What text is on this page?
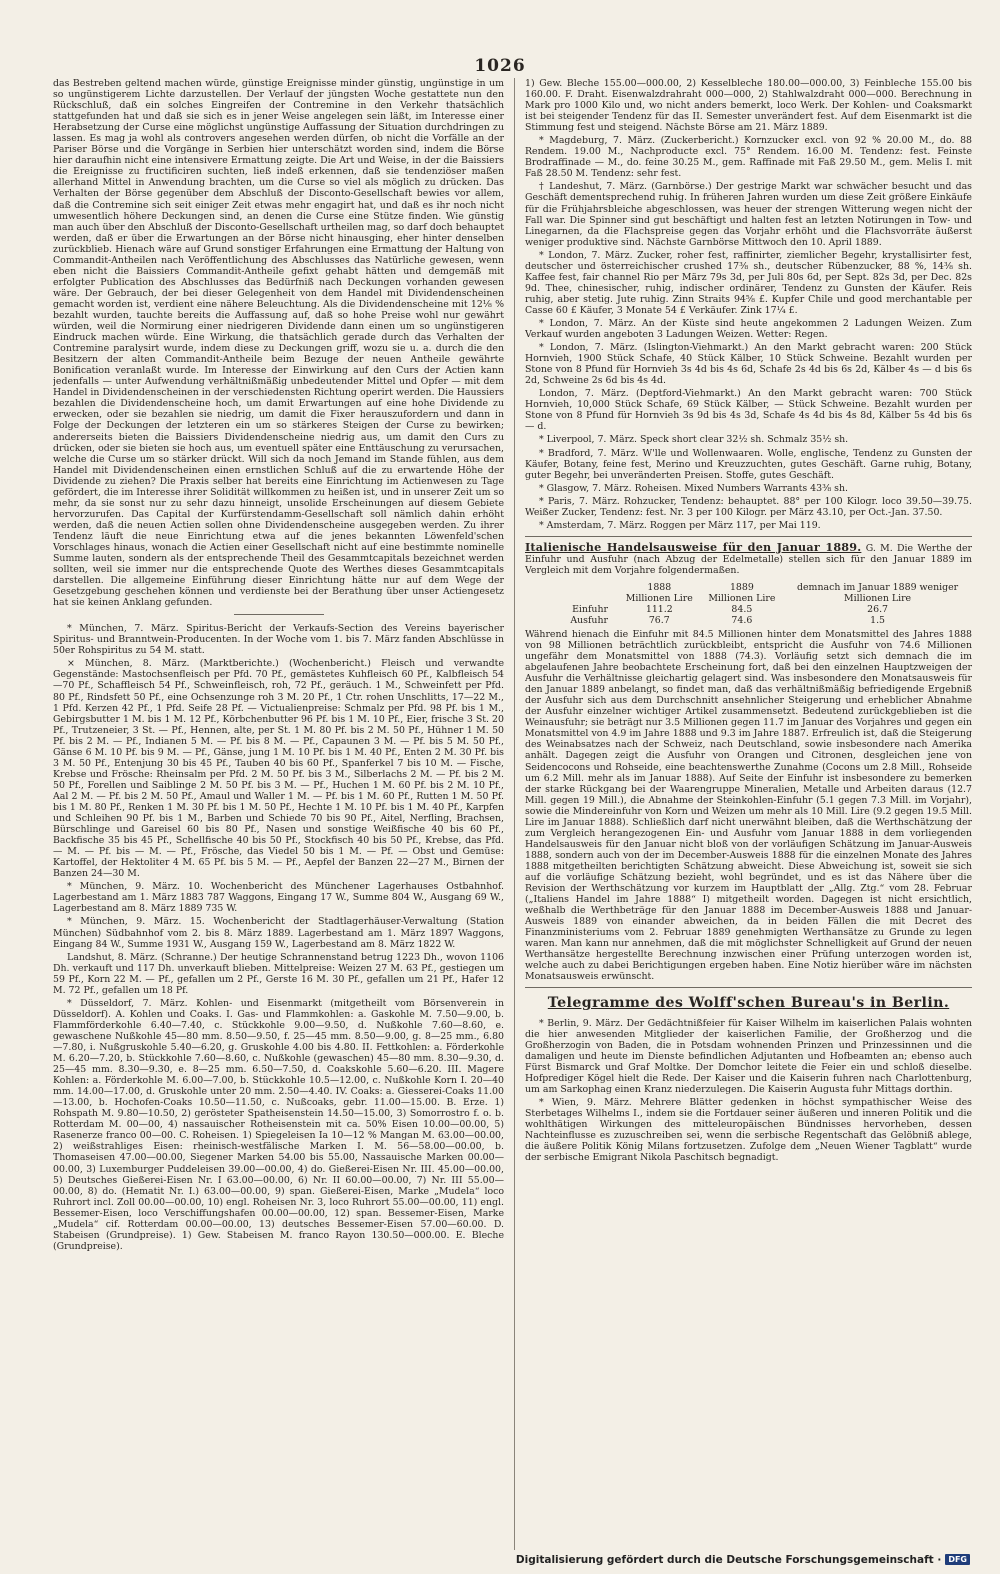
1026

das Bestreben geltend machen würde, günstige Ereignisse minder günstig, ungünstige in um so ungünstigerem Lichte darzustellen. Der Verlauf der jüngsten Woche gestattete nun den Rückschluß, daß ein solches Eingreifen der Contremine in den Verkehr thatsächlich stattgefunden hat und daß sie sich es in jener Weise angelegen sein läßt, im Interesse einer Herabsetzung der Curse eine möglichst ungünstige Auffassung der Situation durchdringen zu lassen. Es mag ja wohl als controvers angesehen werden dürfen, ob nicht die Vorfälle an der Pariser Börse und die Vorgänge in Serbien hier unterschätzt worden sind, indem die Börse hier daraufhin nicht eine intensivere Ermattung zeigte. Die Art und Weise, in der die Baissiers die Ereignisse zu fructificiren suchten, ließ indeß erkennen, daß sie tendenziöser maßen allerhand Mittel in Anwendung brachten, um die Curse so viel als möglich zu drücken. Das Verhalten der Börse gegenüber dem Abschluß der Disconto-Gesellschaft bewies vor allem, daß die Contremine sich seit einiger Zeit etwas mehr engagirt hat, und daß es ihr noch nicht umwesentlich höhere Deckungen sind, an denen die Curse eine Stütze finden. Wie günstig man auch über den Abschluß der Disconto-Gesellschaft urtheilen mag, so darf doch behauptet werden, daß er über die Erwartungen an der Börse nicht hinausging, eher hinter denselben zurückblieb. Hienach wäre auf Grund sonstiger Erfahrungen eine Ermattung der Haltung von Commandit-Antheilen nach Veröffentlichung des Abschlusses das Natürliche gewesen, wenn eben nicht die Baissiers Commandit-Antheile gefixt gehabt hätten und demgemäß mit erfolgter Publication des Abschlusses das Bedürfniß nach Deckungen vorhanden gewesen wäre. Der Gebrauch, der bei dieser Gelegenheit von dem Handel mit Dividendenscheinen gemacht worden ist, verdient eine nähere Beleuchtung. Als die Dividendenscheine mit 12⅛ % bezahlt wurden, tauchte bereits die Auffassung auf, daß so hohe Preise wohl nur gewährt würden, weil die Normirung einer niedrigeren Dividende dann einen um so ungünstigeren Eindruck machen würde. Eine Wirkung, die thatsächlich gerade durch das Verhalten der Contremine paralysirt wurde, indem diese zu Deckungen griff, wozu sie u. a. durch die den Besitzern der alten Commandit-Antheile beim Bezuge der neuen Antheile gewährte Bonification veranlaßt wurde. Im Interesse der Einwirkung auf den Curs der Actien kann jedenfalls — unter Aufwendung verhältnißmäßig unbedeutender Mittel und Opfer — mit dem Handel in Dividendenscheinen in der verschiedensten Richtung operirt werden. Die Haussiers bezahlen die Dividendenscheine hoch, um damit Erwartungen auf eine hohe Dividende zu erwecken, oder sie bezahlen sie niedrig, um damit die Fixer herauszufordern und dann in Folge der Deckungen der letzteren ein um so stärkeres Steigen der Curse zu bewirken; andererseits bieten die Baissiers Dividendenscheine niedrig aus, um damit den Curs zu drücken, oder sie bieten sie hoch aus, um eventuell später eine Enttäuschung zu verursachen, welche die Curse um so stärker drückt. Will sich da noch Jemand im Stande fühlen, aus dem Handel mit Dividendenscheinen einen ernstlichen Schluß auf die zu erwartende Höhe der Dividende zu ziehen? Die Praxis selber hat bereits eine Einrichtung im Actienwesen zu Tage gefördert, die im Interesse ihrer Solidität willkommen zu heißen ist, und in unserer Zeit um so mehr, da sie sonst nur zu sehr dazu hinneigt, unsolide Erscheinungen auf diesem Gebiete hervorzurufen. Das Capital der Kurfürstendamm-Gesellschaft soll nämlich dahin erhöht werden, daß die neuen Actien sollen ohne Dividendenscheine ausgegeben werden. Zu ihrer Tendenz läuft die neue Einrichtung etwa auf die jenes bekannten Löwenfeld'schen Vorschlages hinaus, wonach die Actien einer Gesellschaft nicht auf eine bestimmte nominelle Summe lauten, sondern als der entsprechende Theil des Gesammtcapitals bezeichnet werden sollten, weil sie immer nur die entsprechende Quote des Werthes dieses Gesammtcapitals darstellen. Die allgemeine Einführung dieser Einrichtung hätte nur auf dem Wege der Gesetzgebung geschehen können und verdienste bei der Berathung über unser Actiengesetz hat sie keinen Anklang gefunden.

* München, 7. März. Spiritus-Bericht der Verkaufs-Section des Vereins bayerischer Spiritus- und Branntwein-Producenten. In der Woche vom 1. bis 7. März fanden Abschlüsse in 50er Rohspiritus zu 54 M. statt.

× München, 8. März. (Marktberichte.) (Wochenbericht.) Fleisch und verwandte Gegenstände: Mastochsenfleisch per Pfd. 70 Pf., gemästetes Kuhfleisch 60 Pf., Kalbfleisch 54—70 Pf., Schaffleisch 54 Pf., Schweinfleisch, roh, 72 Pf., geräuch. 1 M., Schweinfett per Pfd. 80 Pf., Rindsfett 50 Pf., eine Ochsenzunge roh 3 M. 20 Pf., 1 Ctr. rohen Unschlitts, 17—22 M., 1 Pfd. Kerzen 42 Pf., 1 Pfd. Seife 28 Pf. — Victualienpreise: Schmalz per Pfd. 98 Pf. bis 1 M., Gebirgsbutter 1 M. bis 1 M. 12 Pf., Körbchenbutter 96 Pf. bis 1 M. 10 Pf., Eier, frische 3 St. 20 Pf., Trutzeneier, 3 St. — Pf., Hennen, alte, per St. 1 M. 80 Pf. bis 2 M. 50 Pf., Hühner 1 M. 50 Pf. bis 2 M. — Pf., Indianen 5 M. — Pf. bis 8 M. — Pf., Capaunen 3 M. — Pf. bis 5 M. 50 Pf., Gänse 6 M. 10 Pf. bis 9 M. — Pf., Gänse, jung 1 M. 10 Pf. bis 1 M. 40 Pf., Enten 2 M. 30 Pf. bis 3 M. 50 Pf., Entenjung 30 bis 45 Pf., Tauben 40 bis 60 Pf., Spanferkel 7 bis 10 M. — Fische, Krebse und Frösche: Rheinsalm per Pfd. 2 M. 50 Pf. bis 3 M., Silberlachs 2 M. — Pf. bis 2 M. 50 Pf., Forellen und Saiblinge 2 M. 50 Pf. bis 3 M. — Pf., Huchen 1 M. 60 Pf. bis 2 M. 10 Pf., Aal 2 M. — Pf. bis 2 M. 50 Pf., Amaul und Waller 1 M. — Pf. bis 1 M. 60 Pf., Rutten 1 M. 50 Pf. bis 1 M. 80 Pf., Renken 1 M. 30 Pf. bis 1 M. 50 Pf., Hechte 1 M. 10 Pf. bis 1 M. 40 Pf., Karpfen und Schleihen 90 Pf. bis 1 M., Barben und Schiede 70 bis 90 Pf., Aitel, Nerfling, Brachsen, Bürschlinge und Gareisel 60 bis 80 Pf., Nasen und sonstige Weißfische 40 bis 60 Pf., Backfische 35 bis 45 Pf., Schellfische 40 bis 50 Pf., Stockfisch 40 bis 50 Pf., Krebse, das Pfd. — M. — Pf. bis — M. — Pf., Frösche, das Viedel 50 bis 1 M. — Pf. — Obst und Gemüse: Kartoffel, der Hektoliter 4 M. 65 Pf. bis 5 M. — Pf., Aepfel der Banzen 22—27 M., Birnen der Banzen 24—30 M.

* München, 9. März. 10. Wochenbericht des Münchener Lagerhauses Ostbahnhof. Lagerbestand am 1. März 1883 787 Waggons, Eingang 17 W., Summe 804 W., Ausgang 69 W., Lagerbestand am 8. März 1889 735 W.

* München, 9. März. 15. Wochenbericht der Stadtlagerhäuser-Verwaltung (Station München) Südbahnhof vom 2. bis 8. März 1889. Lagerbestand am 1. März 1897 Waggons, Eingang 84 W., Summe 1931 W., Ausgang 159 W., Lagerbestand am 8. März 1822 W.

Landshut, 8. März. (Schranne.) Der heutige Schrannenstand betrug 1223 Dh., wovon 1106 Dh. verkauft und 117 Dh. unverkauft blieben. Mittelpreise: Weizen 27 M. 63 Pf., gestiegen um 59 Pf., Korn 22 M. — Pf., gefallen um 2 Pf., Gerste 16 M. 30 Pf., gefallen um 21 Pf., Hafer 12 M. 72 Pf., gefallen um 18 Pf.

* Düsseldorf, 7. März. Kohlen- und Eisenmarkt (mitgetheilt vom Börsenverein in Düsseldorf). A. Kohlen und Coaks. I. Gas- und Flammkohlen: a. Gaskohle M. 7.50—9.00, b. Flammförderkohle 6.40—7.40, c. Stückkohle 9.00—9.50, d. Nußkohle 7.60—8.60, e. gewaschene Nußkohle 45—80 mm. 8.50—9.50, f. 25—45 mm. 8.50—9.00, g. 8—25 mm., 6.80—7.80, i. Nußgruskohle 5.40—6.20, g. Gruskohle 4.00 bis 4.80. II. Fettkohlen: a. Förderkohle M. 6.20—7.20, b. Stückkohle 7.60—8.60, c. Nußkohle (gewaschen) 45—80 mm. 8.30—9.30, d. 25—45 mm. 8.30—9.30, e. 8—25 mm. 6.50—7.50, d. Coakskohle 5.60—6.20. III. Magere Kohlen: a. Förderkohle M. 6.00—7.00, b. Stückkohle 10.5—12.00, c. Nußkohle Korn I. 20—40 mm. 14.00—17.00, d. Gruskohle unter 20 mm. 2.50—4.40. IV. Coaks: a. Giesserei-Coaks 11.00—13.00, b. Hochofen-Coaks 10.50—11.50, c. Nußcoaks, gebr. 11.00—15.00. B. Erze. 1) Rohspath M. 9.80—10.50, 2) gerösteter Spatheisenstein 14.50—15.00, 3) Somorrostro f. o. b. Rotterdam M. 00—00, 4) nassauischer Rotheisenstein mit ca. 50% Eisen 10.00—00.00, 5) Rasenerze franco 00—00. C. Roheisen. 1) Spiegeleisen Ia 10—12 % Mangan M. 63.00—00.00, 2) weißstrahliges Eisen: rheinisch-westfälische Marken I. M. 56—58.00—00.00, b. Thomaseisen 47.00—00.00, Siegener Marken 54.00 bis 55.00, Nassauische Marken 00.00—00.00, 3) Luxemburger Puddeleisen 39.00—00.00, 4) do. Gießerei-Eisen Nr. III. 45.00—00.00, 5) Deutsches Gießerei-Eisen Nr. I 63.00—00.00, 6) Nr. II 60.00—00.00, 7) Nr. III 55.00—00.00, 8) do. (Hematit Nr. I.) 63.00—00.00, 9) span. Gießerei-Eisen, Marke „Mudela“ loco Ruhrort incl. Zoll 00.00—00.00, 10) engl. Roheisen Nr. 3, loco Ruhrort 55.00—00.00, 11) engl. Bessemer-Eisen, loco Verschiffungshafen 00.00—00.00, 12) span. Bessemer-Eisen, Marke „Mudela“ cif. Rotterdam 00.00—00.00, 13) deutsches Bessemer-Eisen 57.00—60.00. D. Stabeisen (Grundpreise). 1) Gew. Stabeisen M. franco Rayon 130.50—000.00. E. Bleche (Grundpreise).

1) Gew. Bleche 155.00—000.00, 2) Kesselbleche 180.00—000.00, 3) Feinbleche 155.00 bis 160.00. F. Draht. Eisenwalzdrahraht 000—000, 2) Stahlwalzdraht 000—000. Berechnung in Mark pro 1000 Kilo und, wo nicht anders bemerkt, loco Werk. Der Kohlen- und Coaksmarkt ist bei steigender Tendenz für das II. Semester unverändert fest. Auf dem Eisenmarkt ist die Stimmung fest und steigend. Nächste Börse am 21. März 1889.

* Magdeburg, 7. März. (Zuckerbericht.) Kornzucker excl. von 92 % 20.00 M., do. 88 Rendem. 19.00 M., Nachproducte excl. 75° Rendem. 16.00 M. Tendenz: fest. Feinste Brodraffinade — M., do. feine 30.25 M., gem. Raffinade mit Faß 29.50 M., gem. Melis I. mit Faß 28.50 M. Tendenz: sehr fest.

† Landeshut, 7. März. (Garnbörse.) Der gestrige Markt war schwächer besucht und das Geschäft dementsprechend ruhig. In früheren Jahren wurden um diese Zeit größere Einkäufe für die Frühjahrsbleiche abgeschlossen, was heuer der strengen Witterung wegen nicht der Fall war. Die Spinner sind gut beschäftigt und halten fest an letzten Notirungen in Tow- und Linegarnen, da die Flachspreise gegen das Vorjahr erhöht und die Flachsvorräte äußerst weniger produktive sind. Nächste Garnbörse Mittwoch den 10. April 1889.

* London, 7. März. Zucker, roher fest, raffinirter, ziemlicher Begehr, krystallisirter fest, deutscher und österreichischer crushed 17⅜ sh., deutscher Rübenzucker, 88 %, 14⅜ sh. Kaffee fest, fair channel Rio per März 79s 3d, per Juli 80s 6d, per Sept. 82s 3d, per Dec. 82s 9d. Thee, chinesischer, ruhig, indischer ordinärer, Tendenz zu Gunsten der Käufer. Reis ruhig, aber stetig. Jute ruhig. Zinn Straits 94⅝ £. Kupfer Chile und good merchantable per Casse 60 £ Käufer, 3 Monate 54 £ Verkäufer. Zink 17¼ £.

* London, 7. März. An der Küste sind heute angekommen 2 Ladungen Weizen. Zum Verkauf wurden angeboten 3 Ladungen Weizen. Wetter: Regen.

* London, 7. März. (Islington-Viehmarkt.) An den Markt gebracht waren: 200 Stück Hornvieh, 1900 Stück Schafe, 40 Stück Kälber, 10 Stück Schweine. Bezahlt wurden per Stone von 8 Pfund für Hornvieh 3s 4d bis 4s 6d, Schafe 2s 4d bis 6s 2d, Kälber 4s — d bis 6s 2d, Schweine 2s 6d bis 4s 4d.

London, 7. März. (Deptford-Viehmarkt.) An den Markt gebracht waren: 700 Stück Hornvieh, 10,000 Stück Schafe, 69 Stück Kälber, — Stück Schweine. Bezahlt wurden per Stone von 8 Pfund für Hornvieh 3s 9d bis 4s 3d, Schafe 4s 4d bis 4s 8d, Kälber 5s 4d bis 6s — d.

* Liverpool, 7. März. Speck short clear 32½ sh. Schmalz 35½ sh.

* Bradford, 7. März. W'lle und Wollenwaaren. Wolle, englische, Tendenz zu Gunsten der Käufer, Botany, feine fest, Merino und Kreuzzuchten, gutes Geschäft. Garne ruhig, Botany, guter Begehr, bei unveränderten Preisen. Stoffe, gutes Geschäft.

* Glasgow, 7. März. Roheisen. Mixed Numbers Warrants 43⅜ sh.

* Paris, 7. März. Rohzucker, Tendenz: behauptet. 88° per 100 Kilogr. loco 39.50—39.75. Weißer Zucker, Tendenz: fest. Nr. 3 per 100 Kilogr. per März 43.10, per Oct.-Jan. 37.50.

* Amsterdam, 7. März. Roggen per März 117, per Mai 119.

Italienische Handelsausweise für den Januar 1889. G. M. Die Werthe der Einfuhr und Ausfuhr (nach Abzug der Edelmetalle) stellen sich für den Januar 1889 im Vergleich mit dem Vorjahre folgendermaßen.

	1888	1889	demnach im Januar 1889 weniger
	Millionen Lire	Millionen Lire	Millionen Lire
Einfuhr	111.2	84.5	26.7
Ausfuhr	76.7	74.6	1.5

Während hienach die Einfuhr mit 84.5 Millionen hinter dem Monatsmittel des Jahres 1888 von 98 Millionen beträchtlich zurückbleibt, entspricht die Ausfuhr von 74.6 Millionen ungefähr dem Monatsmittel von 1888 (74.3). Vorläufig setzt sich demnach die im abgelaufenen Jahre beobachtete Erscheinung fort, daß bei den einzelnen Hauptzweigen der Ausfuhr die Verhältnisse gleichartig gelagert sind. Was insbesondere den Monatsausweis für den Januar 1889 anbelangt, so findet man, daß das verhältnißmäßig befriedigende Ergebniß der Ausfuhr sich aus dem Durchschnitt ansehnlicher Steigerung und erheblicher Abnahme der Ausfuhr einzelner wichtiger Artikel zusammensetzt. Bedeutend zurückgeblieben ist die Weinausfuhr; sie beträgt nur 3.5 Millionen gegen 11.7 im Januar des Vorjahres und gegen ein Monatsmittel von 4.9 im Jahre 1888 und 9.3 im Jahre 1887. Erfreulich ist, daß die Steigerung des Weinabsatzes nach der Schweiz, nach Deutschland, sowie insbesondere nach Amerika anhält. Dagegen zeigt die Ausfuhr von Orangen und Citronen, desgleichen jene von Seidencocons und Rohseide, eine beachtenswerthe Zunahme (Cocons um 2.8 Mill., Rohseide um 6.2 Mill. mehr als im Januar 1888). Auf Seite der Einfuhr ist insbesondere zu bemerken der starke Rückgang bei der Waarengruppe Mineralien, Metalle und Arbeiten daraus (12.7 Mill. gegen 19 Mill.), die Abnahme der Steinkohlen-Einfuhr (5.1 gegen 7.3 Mill. im Vorjahr), sowie die Mindereinfuhr von Korn und Weizen um mehr als 10 Mill. Lire (9.2 gegen 19.5 Mill. Lire im Januar 1888). Schließlich darf nicht unerwähnt bleiben, daß die Werthschätzung der zum Vergleich herangezogenen Ein- und Ausfuhr vom Januar 1888 in dem vorliegenden Handelsausweis für den Januar nicht bloß von der vorläufigen Schätzung im Januar-Ausweis 1888, sondern auch von der im December-Ausweis 1888 für die einzelnen Monate des Jahres 1888 mitgetheilten berichtigten Schätzung abweicht. Diese Abweichung ist, soweit sie sich auf die vorläufige Schätzung bezieht, wohl begründet, und es ist das Nähere über die Revision der Werthschätzung vor kurzem im Hauptblatt der „Allg. Ztg.“ vom 28. Februar („Italiens Handel im Jahre 1888“ I) mitgetheilt worden. Dagegen ist nicht ersichtlich, weßhalb die Werthbeträge für den Januar 1888 im December-Ausweis 1888 und Januar-Ausweis 1889 von einander abweichen, da in beiden Fällen die mit Decret des Finanzministeriums vom 2. Februar 1889 genehmigten Werthansätze zu Grunde zu legen waren. Man kann nur annehmen, daß die mit möglichster Schnelligkeit auf Grund der neuen Werthansätze hergestellte Berechnung inzwischen einer Prüfung unterzogen worden ist, welche auch zu dabei Berichtigungen ergeben haben. Eine Notiz hierüber wäre im nächsten Monatsausweis erwünscht.

Telegramme des Wolff'schen Bureau's in Berlin.

* Berlin, 9. März. Der Gedächtnißfeier für Kaiser Wilhelm im kaiserlichen Palais wohnten die hier anwesenden Mitglieder der kaiserlichen Familie, der Großherzog und die Großherzogin von Baden, die in Potsdam wohnenden Prinzen und Prinzessinnen und die damaligen und heute im Dienste befindlichen Adjutanten und Hofbeamten an; ebenso auch Fürst Bismarck und Graf Moltke. Der Domchor leitete die Feier ein und schloß dieselbe. Hofprediger Kögel hielt die Rede. Der Kaiser und die Kaiserin fuhren nach Charlottenburg, um am Sarkophag einen Kranz niederzulegen. Die Kaiserin Augusta fuhr Mittags dorthin.

* Wien, 9. März. Mehrere Blätter gedenken in höchst sympathischer Weise des Sterbetages Wilhelms I., indem sie die Fortdauer seiner äußeren und inneren Politik und die wohlthätigen Wirkungen des mitteleuropäischen Bündnisses hervorheben, dessen Nachteinflusse es zuzuschreiben sei, wenn die serbische Regentschaft das Gelöbniß ablege, die äußere Politik König Milans fortzusetzen. Zufolge dem „Neuen Wiener Tagblatt“ wurde der serbische Emigrant Nikola Paschitsch begnadigt.

Digitalisierung gefördert durch die Deutsche Forschungsgemeinschaft · DFG
